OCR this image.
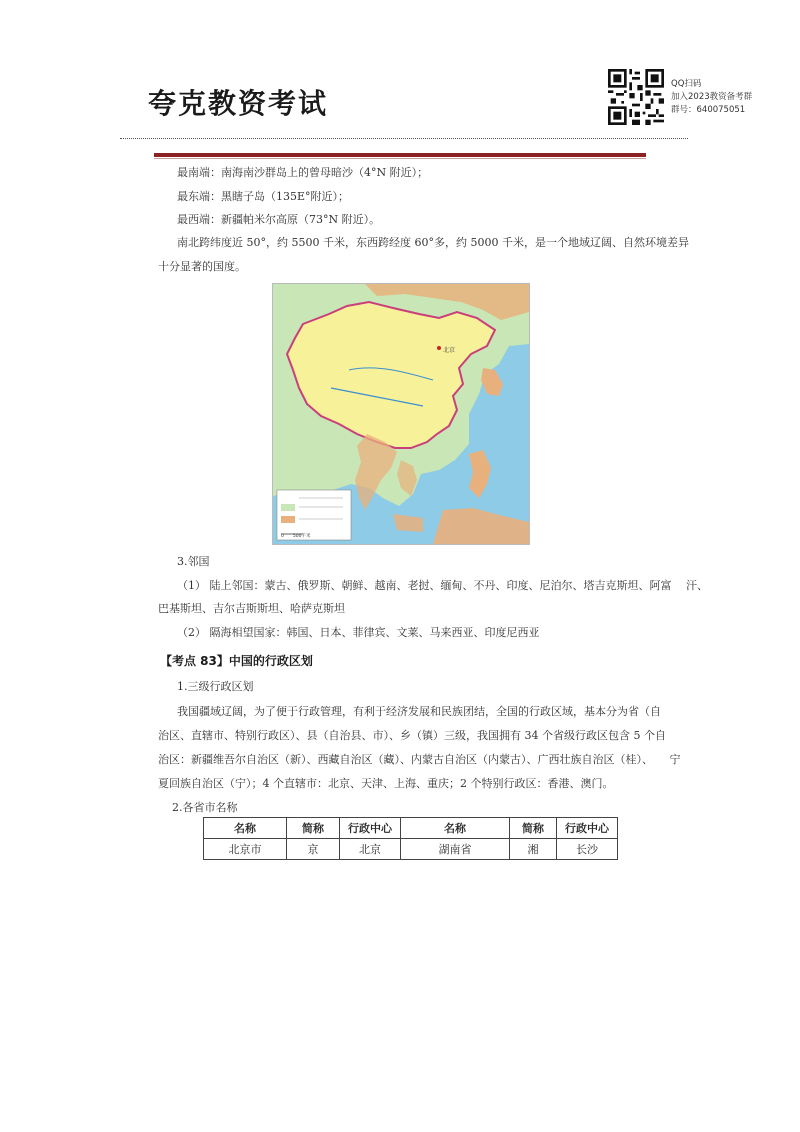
夸克教资考试
QQ扫码
加入2023教资备考群
群号：640075051
最南端：南海南沙群岛上的曾母暗沙（4°N 附近）；
最东端：黑瞎子岛（135E°附近）；
最西端：新疆帕米尔高原（73°N 附近）。
南北跨纬度近 50°，约 5500 千米，东西跨经度 60°多，约 5000 千米，是一个地域辽阔、自然环境差异
十分显著的国度。
北京
0　　500千米
3.邻国
（1） 陆上邻国：蒙古、俄罗斯、朝鲜、越南、老挝、缅甸、不丹、印度、尼泊尔、塔吉克斯坦、阿富　 汗、
巴基斯坦、吉尔吉斯斯坦、哈萨克斯坦
（2） 隔海相望国家：韩国、日本、菲律宾、文莱、马来西亚、印度尼西亚
【考点 83】中国的行政区划
1.三级行政区划
我国疆域辽阔，为了便于行政管理，有利于经济发展和民族团结，全国的行政区域，基本分为省（自
治区、直辖市、特别行政区）、县（自治县、市）、乡（镇）三级，我国拥有 34 个省级行政区包含 5 个自
治区：新疆维吾尔自治区（新）、西藏自治区（藏）、内蒙古自治区（内蒙古）、广西壮族自治区（桂）、　　宁
夏回族自治区（宁）；4 个直辖市：北京、天津、上海、重庆；2 个特别行政区：香港、澳门。
2.各省市名称
名称	简称	行政中心	名称	简称	行政中心
北京市	京	北京	湖南省	湘	长沙
